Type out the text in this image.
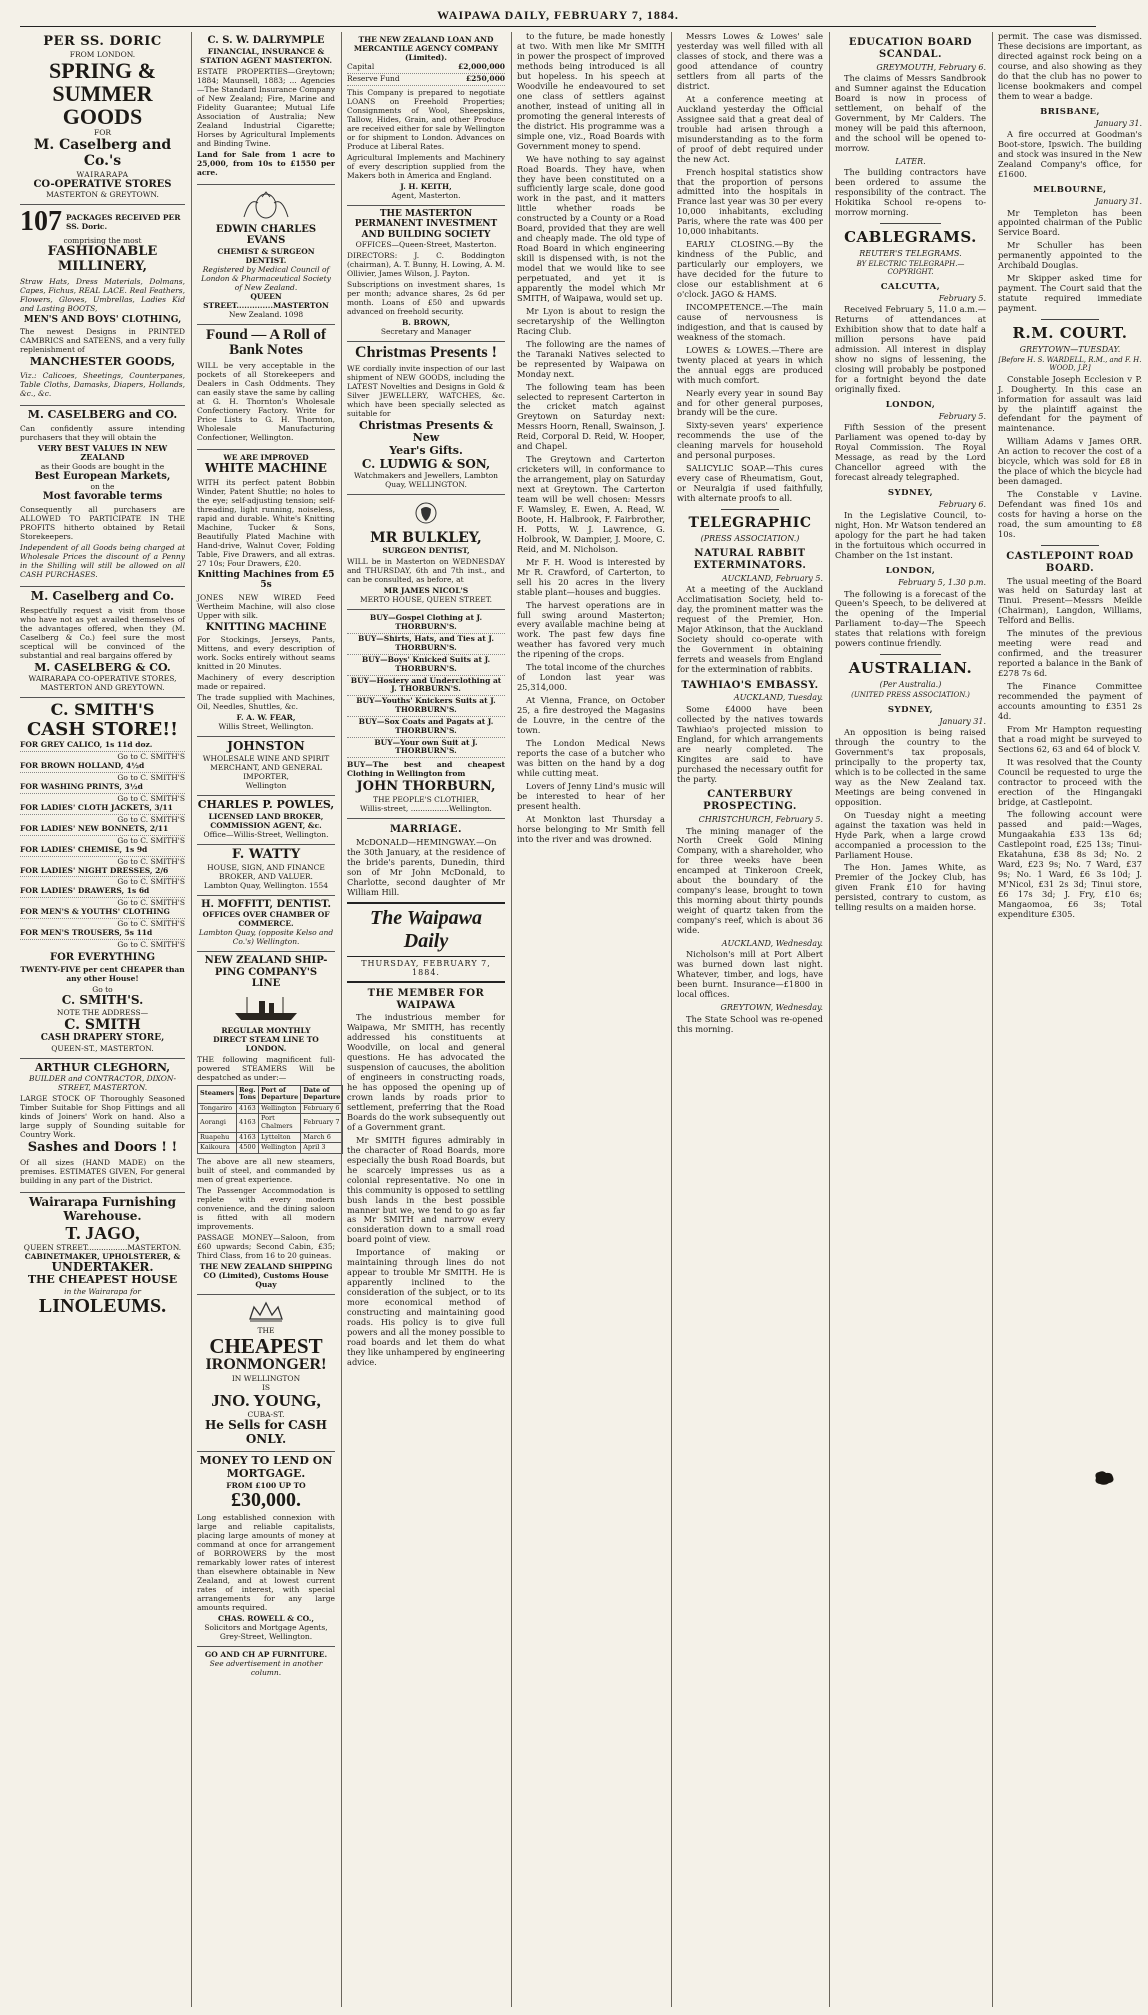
WAIPAWA DAILY, FEBRUARY 7, 1884.
PER SS. DORIC
FROM LONDON.
SPRING &
SUMMER
GOODS
FOR
M. Caselberg and Co.'s
WAIRARAPA
CO-OPERATIVE STORES
MASTERTON & GREYTOWN.
107 PACKAGES RECEIVED PER SS. Doric.
comprising the most
FASHIONABLE
MILLINERY,
Straw Hats, Dress Materials, Dolmans, Capes, Fichus, REAL LACE. Real Feathers, Flowers, Gloves, Umbrellas, Ladies Kid and Lasting BOOTS,
MEN'S AND BOYS' CLOTHING,
The newest Designs in PRINTED CAMBRICS and SATEENS, and a very fully replenishment of
MANCHESTER GOODS,
Viz.: Calicoes, Sheetings, Counterpanes, Table Cloths, Damasks, Diapers, Hollands, &c., &c.
M. CASELBERG and CO.
Can confidently assure intending purchasers that they will obtain the
VERY BEST VALUES IN NEW ZEALAND
as their Goods are bought in the
Best European Markets,
on the
Most favorable terms
Consequently all purchasers are ALLOWED TO PARTICIPATE IN THE PROFITS hitherto obtained by Retail Storekeepers.
Independent of all Goods being charged at Wholesale Prices the discount of a Penny in the Shilling will still be allowed on all CASH PURCHASES.
M. Caselberg and Co.
Respectfully request a visit from those who have not as yet availed themselves of the advantages offered, when they (M. Caselberg & Co.) feel sure the most sceptical will be convinced of the substantial and real bargains offered by
M. CASELBERG & CO.
WAIRARAPA CO-OPERATIVE STORES,
MASTERTON AND GREYTOWN.
C. SMITH'S
CASH STORE!!
FOR GREY CALICO, 1s 11d doz.
Go to C. SMITH'S
FOR BROWN HOLLAND, 4½d
Go to C. SMITH'S
FOR WASHING PRINTS, 3½d
Go to C. SMITH'S
FOR LADIES' CLOTH JACKETS, 3/11
Go to C. SMITH'S
FOR LADIES' NEW BONNETS, 2/11
Go to C. SMITH'S
FOR LADIES' CHEMISE, 1s 9d
Go to C. SMITH'S
FOR LADIES' NIGHT DRESSES, 2/6
Go to C. SMITH'S
FOR LADIES' DRAWERS, 1s 6d
Go to C. SMITH'S
FOR MEN'S & YOUTHS' CLOTHING
Go to C. SMITH'S
FOR MEN'S TROUSERS, 5s 11d
Go to C. SMITH'S
FOR EVERYTHING
TWENTY-FIVE per cent CHEAPER than any other House!
Go to
C. SMITH'S.
NOTE THE ADDRESS—
C. SMITH
CASH DRAPERY STORE,
QUEEN-ST., MASTERTON.
ARTHUR CLEGHORN,
BUILDER and CONTRACTOR, DIXON-STREET, MASTERTON.
LARGE STOCK OF Thoroughly Seasoned Timber Suitable for Shop Fittings and all kinds of Joiners' Work on hand. Also a large supply of Sounding suitable for Country Work.
Sashes and Doors ! !
Of all sizes (HAND MADE) on the premises. ESTIMATES GIVEN, For general building in any part of the District.
Wairarapa Furnishing
Warehouse.
T. JAGO,
QUEEN STREET.................MASTERTON.
CABINETMAKER, UPHOLSTERER, &
UNDERTAKER.
THE CHEAPEST HOUSE
in the Wairarapa for
LINOLEUMS.
C. S. W. DALRYMPLE
FINANCIAL, INSURANCE & STATION AGENT MASTERTON.
ESTATE PROPERTIES—Greytown; 1884; Maunsell, 1883; ... Agencies—The Standard Insurance Company of New Zealand; Fire, Marine and Fidelity Guarantee; Mutual Life Association of Australia; New Zealand Industrial Cigarette; Horses by Agricultural Implements and Binding Twine.
Land for Sale from 1 acre to 25,000, from 10s to £1550 per acre.
EDWIN CHARLES EVANS
CHEMIST & SURGEON DENTIST.
Registered by Medical Council of London & Pharmaceutical Society of New Zealand.
QUEEN STREET..............MASTERTON
New Zealand. 1098
Found — A Roll of
Bank Notes
WILL be very acceptable in the pockets of all Storekeepers and Dealers in Cash Oddments. They can easily stave the same by calling at G. H. Thornton's Wholesale Confectionery Factory. Write for Price Lists to G. H. Thornton, Wholesale Manufacturing Confectioner, Wellington.
WE ARE IMPROVED
WHITE MACHINE
WITH its perfect patent Bobbin Winder, Patent Shuttle; no holes to the eye; self-adjusting tension; self-threading, light running, noiseless, rapid and durable. White's Knitting Machine, Tucker & Sons, Beautifully Plated Machine with Hand-drive, Walnut Cover, Folding Table, Five Drawers, and all extras. 27 10s; Four Drawers, £20.
Knitting Machines from £5 5s
JONES NEW WIRED Feed Wertheim Machine, will also close Upper with silk.
KNITTING MACHINE
For Stockings, Jerseys, Pants, Mittens, and every description of work. Socks entirely without seams knitted in 20 Minutes.
Machinery of every description made or repaired.
The trade supplied with Machines, Oil, Needles, Shuttles, &c.
F. A. W. FEAR,
Willis Street, Wellington.
JOHNSTON
WHOLESALE WINE AND SPIRIT MERCHANT, AND GENERAL IMPORTER,
Wellington
CHARLES P. POWLES,
LICENSED LAND BROKER, COMMISSION AGENT, &c.
Office—Willis-Street, Wellington.
F. WATTY
HOUSE, SIGN, AND FINANCE BROKER, AND VALUER.
Lambton Quay, Wellington. 1554
H. MOFFITT, DENTIST.
OFFICES OVER CHAMBER OF COMMERCE.
Lambton Quay, (opposite Kelso and Co.'s) Wellington.
NEW ZEALAND SHIP-
PING COMPANY'S
LINE
REGULAR MONTHLY
DIRECT STEAM LINE TO LONDON.
THE following magnificent full-powered STEAMERS Will be despatched as under:—
Steamers	Reg. Tons	Port of Departure	Date of Departure
Tongariro	4163	Wellington	February 6
Aorangi	4163	Port Chalmers	February 7
Ruapehu	4163	Lyttelton	March 6
Kaikoura	4500	Wellington	April 3
The above are all new steamers, built of steel, and commanded by men of great experience.
The Passenger Accommodation is replete with every modern convenience, and the dining saloon is fitted with all modern improvements.
PASSAGE MONEY—Saloon, from £60 upwards; Second Cabin, £35; Third Class, from 16 to 20 guineas.
THE NEW ZEALAND SHIPPING CO (Limited), Customs House Quay
THE
CHEAPEST
IRONMONGER!
IN WELLINGTON
IS
JNO. YOUNG,
CUBA-ST.
He Sells for CASH ONLY.
MONEY TO LEND ON
MORTGAGE.
FROM £100 UP TO
£30,000.
Long established connexion with large and reliable capitalists, placing large amounts of money at command at once for arrangement of BORROWERS by the most remarkably lower rates of interest than elsewhere obtainable in New Zealand, and at lowest current rates of interest, with special arrangements for any large amounts required.
CHAS. ROWELL & CO.,
Solicitors and Mortgage Agents, Grey-Street, Wellington.
GO AND CH AP FURNITURE.
See advertisement in another column.
THE NEW ZEALAND LOAN AND MERCANTILE AGENCY COMPANY (Limited).
Capital	£2,000,000
Reserve Fund	£250,000
This Company is prepared to negotiate LOANS on Freehold Properties; Consignments of Wool, Sheepskins, Tallow, Hides, Grain, and other Produce are received either for sale by Wellington or for shipment to London. Advances on Produce at Liberal Rates.
Agricultural Implements and Machinery of every description supplied from the Makers both in America and England.
J. H. KEITH,
Agent, Masterton.
THE MASTERTON PERMANENT INVESTMENT AND BUILDING SOCIETY
OFFICES—Queen-Street, Masterton.
DIRECTORS: J. C. Boddington (chairman), A. T. Bunny, H. Lowing, A. M. Ollivier, James Wilson, J. Payton.
Subscriptions on investment shares, 1s per month; advance shares, 2s 6d per month. Loans of £50 and upwards advanced on freehold security.
B. BROWN,
Secretary and Manager
Christmas Presents !
WE cordially invite inspection of our last shipment of NEW GOODS, including the LATEST Novelties and Designs in Gold & Silver JEWELLERY, WATCHES, &c. which have been specially selected as suitable for
Christmas Presents & New
Year's Gifts.
C. LUDWIG & SON,
Watchmakers and Jewellers, Lambton Quay, WELLINGTON.
MR BULKLEY,
SURGEON DENTIST,
WILL be in Masterton on WEDNESDAY and THURSDAY, 6th and 7th inst., and can be consulted, as before, at
MR JAMES NICOL'S
MERTO HOUSE, QUEEN STREET.
BUY—Gospel Clothing at J. THORBURN'S.
BUY—Shirts, Hats, and Ties at J. THORBURN'S.
BUY—Boys' Knicked Suits at J. THORBURN'S.
BUY—Hosiery and Underclothing at J. THORBURN'S.
BUY—Youths' Knickers Suits at J. THORBURN'S.
BUY—Sox Coats and Pagats at J. THORBURN'S.
BUY—Your own Suit at J. THORBURN'S.
BUY—The best and cheapest Clothing in Wellington from
JOHN THORBURN,
THE PEOPLE'S CLOTHIER,
Willis-street, ................Wellington.
MARRIAGE.

McDONALD—HEMINGWAY.—On the 30th January, at the residence of the bride's parents, Dunedin, third son of Mr John McDonald, to Charlotte, second daughter of Mr William Hill.

The Waipawa Daily
THURSDAY, FEBRUARY 7, 1884.
THE MEMBER FOR WAIPAWA

The industrious member for Waipawa, Mr SMITH, has recently addressed his constituents at Woodville, on local and general questions. He has advocated the suspension of caucuses, the abolition of engineers in constructing roads, he has opposed the opening up of crown lands by roads prior to settlement, preferring that the Road Boards do the work subsequently out of a Government grant.

Mr SMITH figures admirably in the character of Road Boards, more especially the bush Road Boards, but he scarcely impresses us as a colonial representative. No one in this community is opposed to settling bush lands in the best possible manner but we, we tend to go as far as Mr SMITH and narrow every consideration down to a small road board point of view.

Importance of making or maintaining through lines do not appear to trouble Mr SMITH. He is apparently inclined to the consideration of the subject, or to its more economical method of constructing and maintaining good roads. His policy is to give full powers and all the money possible to road boards and let them do what they like unhampered by engineering advice.

to the future, be made honestly at two. With men like Mr SMITH in power the prospect of improved methods being introduced is all but hopeless. In his speech at Woodville he endeavoured to set one class of settlers against another, instead of uniting all in promoting the general interests of the district. His programme was a simple one, viz., Road Boards with Government money to spend.

We have nothing to say against Road Boards. They have, when they have been constituted on a sufficiently large scale, done good work in the past, and it matters little whether roads be constructed by a County or a Road Board, provided that they are well and cheaply made. The old type of Road Board in which engineering skill is dispensed with, is not the model that we would like to see perpetuated, and yet it is apparently the model which Mr SMITH, of Waipawa, would set up.

Mr Lyon is about to resign the secretaryship of the Wellington Racing Club.

The following are the names of the Taranaki Natives selected to be represented by Waipawa on Monday next.

The following team has been selected to represent Carterton in the cricket match against Greytown on Saturday next: Messrs Hoorn, Renall, Swainson, J. Reid, Corporal D. Reid, W. Hooper, and Chapel.

The Greytown and Carterton cricketers will, in conformance to the arrangement, play on Saturday next at Greytown. The Carterton team will be well chosen: Messrs F. Wamsley, E. Ewen, A. Read, W. Boote, H. Halbrook, F. Fairbrother, H. Potts, W. J. Lawrence, G. Holbrook, W. Dampier, J. Moore, C. Reid, and M. Nicholson.

Mr F. H. Wood is interested by Mr R. Crawford, of Carterton, to sell his 20 acres in the livery stable plant—houses and buggies.

The harvest operations are in full swing around Masterton; every available machine being at work. The past few days fine weather has favored very much the ripening of the crops.

The total income of the churches of London last year was 25,314,000.

At Vienna, France, on October 25, a fire destroyed the Magasins de Louvre, in the centre of the town.

The London Medical News reports the case of a butcher who was bitten on the hand by a dog while cutting meat.

Lovers of Jenny Lind's music will be interested to hear of her present health.

At Monkton last Thursday a horse belonging to Mr Smith fell into the river and was drowned.

Messrs Lowes & Lowes' sale yesterday was well filled with all classes of stock, and there was a good attendance of country settlers from all parts of the district.

At a conference meeting at Auckland yesterday the Official Assignee said that a great deal of trouble had arisen through a misunderstanding as to the form of proof of debt required under the new Act.

French hospital statistics show that the proportion of persons admitted into the hospitals in France last year was 30 per every 10,000 inhabitants, excluding Paris, where the rate was 400 per 10,000 inhabitants.

EARLY CLOSING.—By the kindness of the Public, and particularly our employers, we have decided for the future to close our establishment at 6 o'clock. JAGO & HAMS.

INCOMPETENCE.—The main cause of nervousness is indigestion, and that is caused by weakness of the stomach.

LOWES & LOWES.—There are twenty placed at years in which the annual eggs are produced with much comfort.

Nearly every year in sound Bay and for other general purposes, brandy will be the cure.

Sixty-seven years' experience recommends the use of the cleaning marvels for household and personal purposes.

SALICYLIC SOAP.—This cures every case of Rheumatism, Gout, or Neuralgia if used faithfully, with alternate proofs to all.

TELEGRAPHIC
(PRESS ASSOCIATION.)
NATURAL RABBIT EXTERMINATORS.
AUCKLAND, February 5.

At a meeting of the Auckland Acclimatisation Society, held to-day, the prominent matter was the request of the Premier, Hon. Major Atkinson, that the Auckland Society should co-operate with the Government in obtaining ferrets and weasels from England for the extermination of rabbits.

TAWHIAO'S EMBASSY.
AUCKLAND, Tuesday.

Some £4000 have been collected by the natives towards Tawhiao's projected mission to England, for which arrangements are nearly completed. The Kingites are said to have purchased the necessary outfit for the party.

CANTERBURY PROSPECTING.
CHRISTCHURCH, February 5.

The mining manager of the North Creek Gold Mining Company, with a shareholder, who for three weeks have been encamped at Tinkeroon Creek, about the boundary of the company's lease, brought to town this morning about thirty pounds weight of quartz taken from the company's reef, which is about 36 wide.

AUCKLAND, Wednesday.

Nicholson's mill at Port Albert was burned down last night. Whatever, timber, and logs, have been burnt. Insurance—£1800 in local offices.

GREYTOWN, Wednesday.

The State School was re-opened this morning.

EDUCATION BOARD SCANDAL.
GREYMOUTH, February 6.

The claims of Messrs Sandbrook and Sumner against the Education Board is now in process of settlement, on behalf of the Government, by Mr Calders. The money will be paid this afternoon, and the school will be opened to-morrow.

LATER.

The building contractors have been ordered to assume the responsibility of the contract. The Hokitika School re-opens to-morrow morning.

CABLEGRAMS.
REUTER'S TELEGRAMS.
BY ELECTRIC TELEGRAPH.—COPYRIGHT.
CALCUTTA,
February 5.

Received February 5, 11.0 a.m.—Returns of attendances at Exhibition show that to date half a million persons have paid admission. All interest in display show no signs of lessening, the closing will probably be postponed for a fortnight beyond the date originally fixed.

LONDON,
February 5.

Fifth Session of the present Parliament was opened to-day by Royal Commission. The Royal Message, as read by the Lord Chancellor agreed with the forecast already telegraphed.

SYDNEY,
February 6.

In the Legislative Council, to-night, Hon. Mr Watson tendered an apology for the part he had taken in the fortuitous which occurred in Chamber on the 1st instant.

LONDON,
February 5, 1.30 p.m.

The following is a forecast of the Queen's Speech, to be delivered at the opening of the Imperial Parliament to-day—The Speech states that relations with foreign powers continue friendly.

AUSTRALIAN.
(Per Australia.)
(UNITED PRESS ASSOCIATION.)
SYDNEY,
January 31.

An opposition is being raised through the country to the Government's tax proposals, principally to the property tax, which is to be collected in the same way as the New Zealand tax. Meetings are being convened in opposition.

On Tuesday night a meeting against the taxation was held in Hyde Park, when a large crowd accompanied a procession to the Parliament House.

The Hon. James White, as Premier of the Jockey Club, has given Frank £10 for having persisted, contrary to custom, as telling results on a maiden horse.

permit. The case was dismissed. These decisions are important, as directed against rock being on a course, and also showing as they do that the club has no power to license bookmakers and compel them to wear a badge.

BRISBANE,
January 31.

A fire occurred at Goodman's Boot-store, Ipswich. The building and stock was insured in the New Zealand Company's office, for £1600.

MELBOURNE,
January 31.

Mr Templeton has been appointed chairman of the Public Service Board.

Mr Schuller has been permanently appointed to the Archibald Douglas.

Mr Skipper asked time for payment. The Court said that the statute required immediate payment.

R.M. COURT.
GREYTOWN—TUESDAY.
[Before H. S. WARDELL, R.M., and F. H. WOOD, J.P.]

Constable Joseph Ecclesion v P. J. Dougherty. In this case an information for assault was laid by the plaintiff against the defendant for the payment of maintenance.

William Adams v James ORR. An action to recover the cost of a bicycle, which was sold for £8 in the place of which the bicycle had been damaged.

The Constable v Lavine. Defendant was fined 10s and costs for having a horse on the road, the sum amounting to £8 10s.

CASTLEPOINT ROAD BOARD.

The usual meeting of the Board was held on Saturday last at Tinui. Present—Messrs Meikle (Chairman), Langdon, Williams, Telford and Bellis.

The minutes of the previous meeting were read and confirmed, and the treasurer reported a balance in the Bank of £278 7s 6d.

The Finance Committee recommended the payment of accounts amounting to £351 2s 4d.

From Mr Hampton requesting that a road might be surveyed to Sections 62, 63 and 64 of block V.

It was resolved that the County Council be requested to urge the contractor to proceed with the erection of the Hingangaki bridge, at Castlepoint.

The following account were passed and paid:—Wages, Mungaakahia £33 13s 6d; Castlepoint road, £25 13s; Tinui-Ekatahuna, £38 8s 3d; No. 2 Ward, £23 9s; No. 7 Ward, £37 9s; No. 1 Ward, £6 3s 10d; J. M'Nicol, £31 2s 3d; Tinui store, £6 17s 3d; J. Fry, £10 6s; Mangaomoa, £6 3s; Total expenditure £305.
